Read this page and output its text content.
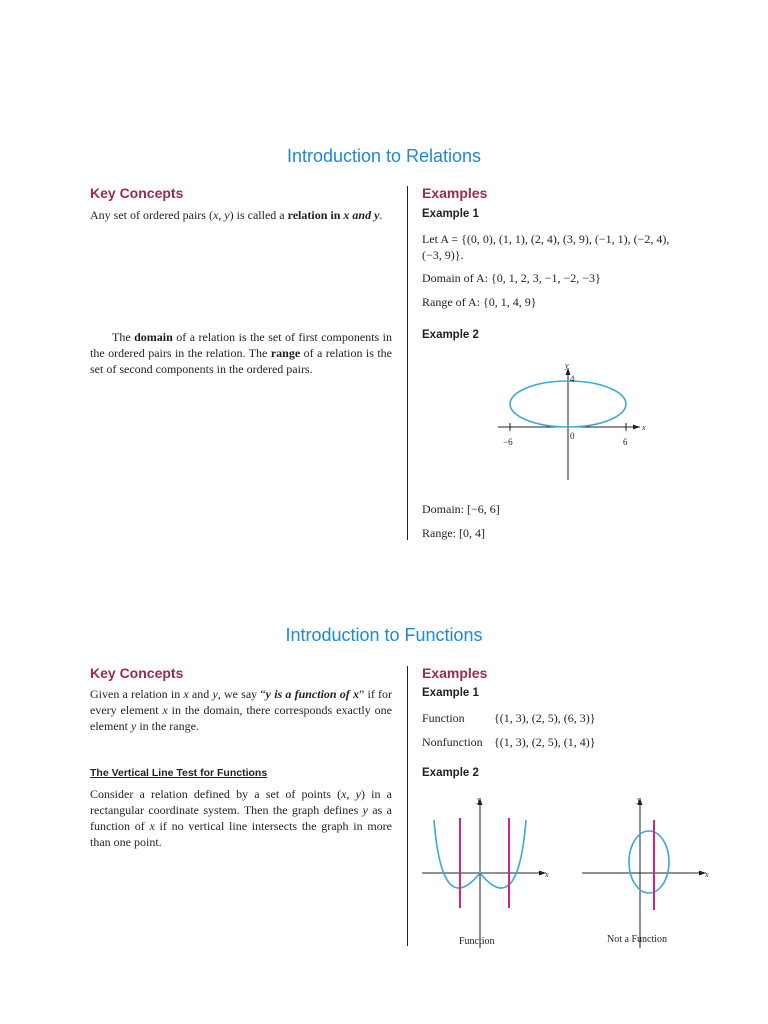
Introduction to Relations
Key Concepts	Examples

Any set of ordered pairs (x, y) is called a relation in x and y.

The domain of a relation is the set of first components in the ordered pairs in the relation. The range of a relation is the set of second components in the ordered pairs.

Example 1
Let A = {(0, 0), (1, 1), (2, 4), (3, 9), (−1, 1), (−2, 4),
(−3, 9)}.
Domain of A: {0, 1, 2, 3, −1, −2, −3}
Range of A: {0, 1, 4, 9}
Example 2
y
x
4
−6	6
0
Domain: [−6, 6]
Range: [0, 4]
Introduction to Functions
Key Concepts	Examples

Given a relation in x and y, we say “y is a function of x” if for every element x in the domain, there corresponds exactly one element y in the range.

The Vertical Line Test for Functions

Consider a relation defined by a set of points (x, y) in a rectangular coordinate system. Then the graph defines y as a function of x if no vertical line intersects the graph in more than one point.

Example 1
Function {(1, 3), (2, 5), (6, 3)}
Nonfunction {(1, 3), (2, 5), (1, 4)}
Example 2
y
x
Function
y
x
Not a Function
